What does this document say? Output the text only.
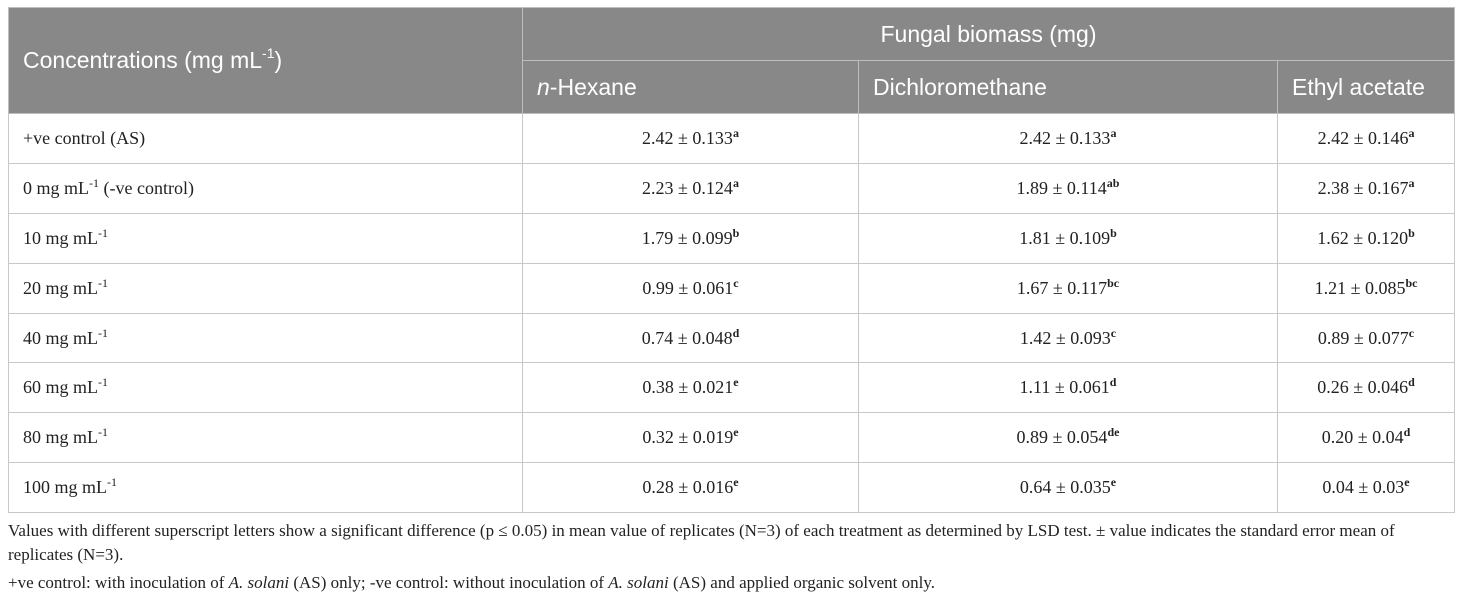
Concentrations (mg $mL^{-1}$)	Fungal biomass (mg)		
	n-Hexane	Dichloromethane	Ethyl acetate
+ve control (AS)	2.42 ± 0.133$^a$	2.42 ± 0.133$^a$	2.42 ± 0.146$^a$
0 mg $mL^{-1}$ (-ve control)	2.23 ± 0.124$^a$	1.89 ± 0.114$^{ab}$	2.38 ± 0.167$^a$
10 mg $mL^{-1}$	1.79 ± 0.099$^b$	1.81 ± 0.109$^b$	1.62 ± 0.120$^b$
20 mg $mL^{-1}$	0.99 ± 0.061$^c$	1.67 ± 0.117$^{bc}$	1.21 ± 0.085$^{bc}$
40 mg $mL^{-1}$	0.74 ± 0.048$^d$	1.42 ± 0.093$^c$	0.89 ± 0.077$^c$
60 mg $mL^{-1}$	0.38 ± 0.021$^e$	1.11 ± 0.061$^d$	0.26 ± 0.046$^d$
80 mg $mL^{-1}$	0.32 ± 0.019$^e$	0.89 ± 0.054de	0.20 ± 0.04$^d$
100 mg $mL^{-1}$	0.28 ± 0.016$^e$	0.64 ± 0.035$^e$	0.04 ± 0.03$^e$

Values with different superscript letters show a significant difference (p ≤ 0.05) in mean value of replicates (N=3) of each treatment as determined by LSD test. ± value indicates the standard error mean of replicates (N=3).

+ve control: with inoculation of A. solani (AS) only; -ve control: without inoculation of A. solani (AS) and applied organic solvent only.
